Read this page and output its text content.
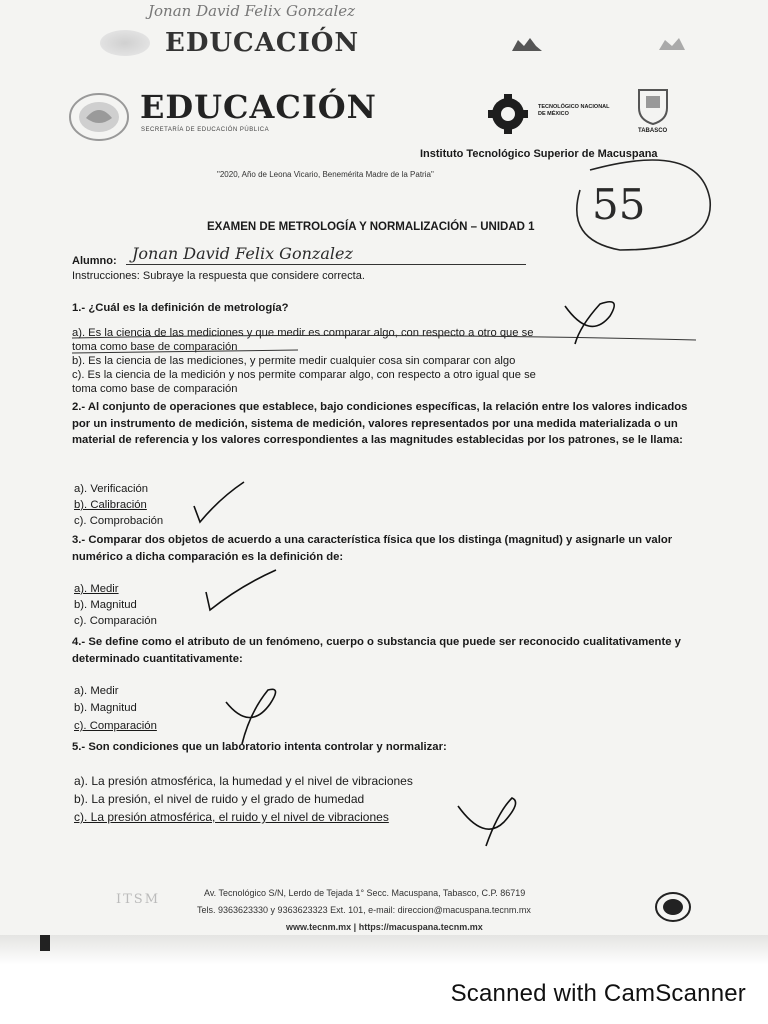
Jonan David Felix Gonzalez
EDUCACIÓN
EDUCACIÓN
SECRETARÍA DE EDUCACIÓN PÚBLICA
TECNOLÓGICO NACIONAL DE MÉXICO
TABASCO
Instituto Tecnológico Superior de Macuspana
"2020, Año de Leona Vicario, Benemérita Madre de la Patria"
55
EXAMEN DE METROLOGÍA Y NORMALIZACIÓN – UNIDAD 1
Alumno: Jonan David Felix Gonzalez
Instrucciones: Subraye la respuesta que considere correcta.
1.- ¿Cuál es la definición de metrología?
a). Es la ciencia de las mediciones y que medir es comparar algo, con respecto a otro que se
toma como base de comparación
b). Es la ciencia de las mediciones, y permite medir cualquier cosa sin comparar con algo
c). Es la ciencia de la medición y nos permite comparar algo, con respecto a otro igual que se
toma como base de comparación
2.- Al conjunto de operaciones que establece, bajo condiciones específicas, la relación entre los valores indicados por un instrumento de medición, sistema de medición, valores representados por una medida materializada o un material de referencia y los valores correspondientes a las magnitudes establecidas por los patrones, se le llama:
a). Verificación
b). Calibración
c). Comprobación
3.- Comparar dos objetos de acuerdo a una característica física que los distinga (magnitud) y asignarle un valor numérico a dicha comparación es la definición de:
a). Medir
b). Magnitud
c). Comparación
4.- Se define como el atributo de un fenómeno, cuerpo o substancia que puede ser reconocido cualitativamente y determinado cuantitativamente:
a). Medir
b). Magnitud
c). Comparación
5.- Son condiciones que un laboratorio intenta controlar y normalizar:
a). La presión atmosférica, la humedad y el nivel de vibraciones
b). La presión, el nivel de ruido y el grado de humedad
c). La presión atmosférica, el ruido y el nivel de vibraciones
ITSM	Av. Tecnológico S/N, Lerdo de Tejada 1° Secc. Macuspana, Tabasco, C.P. 86719
Tels. 9363623330 y 9363623323 Ext. 101, e-mail: direccion@macuspana.tecnm.mx
www.tecnm.mx | https://macuspana.tecnm.mx
Scanned with CamScanner
